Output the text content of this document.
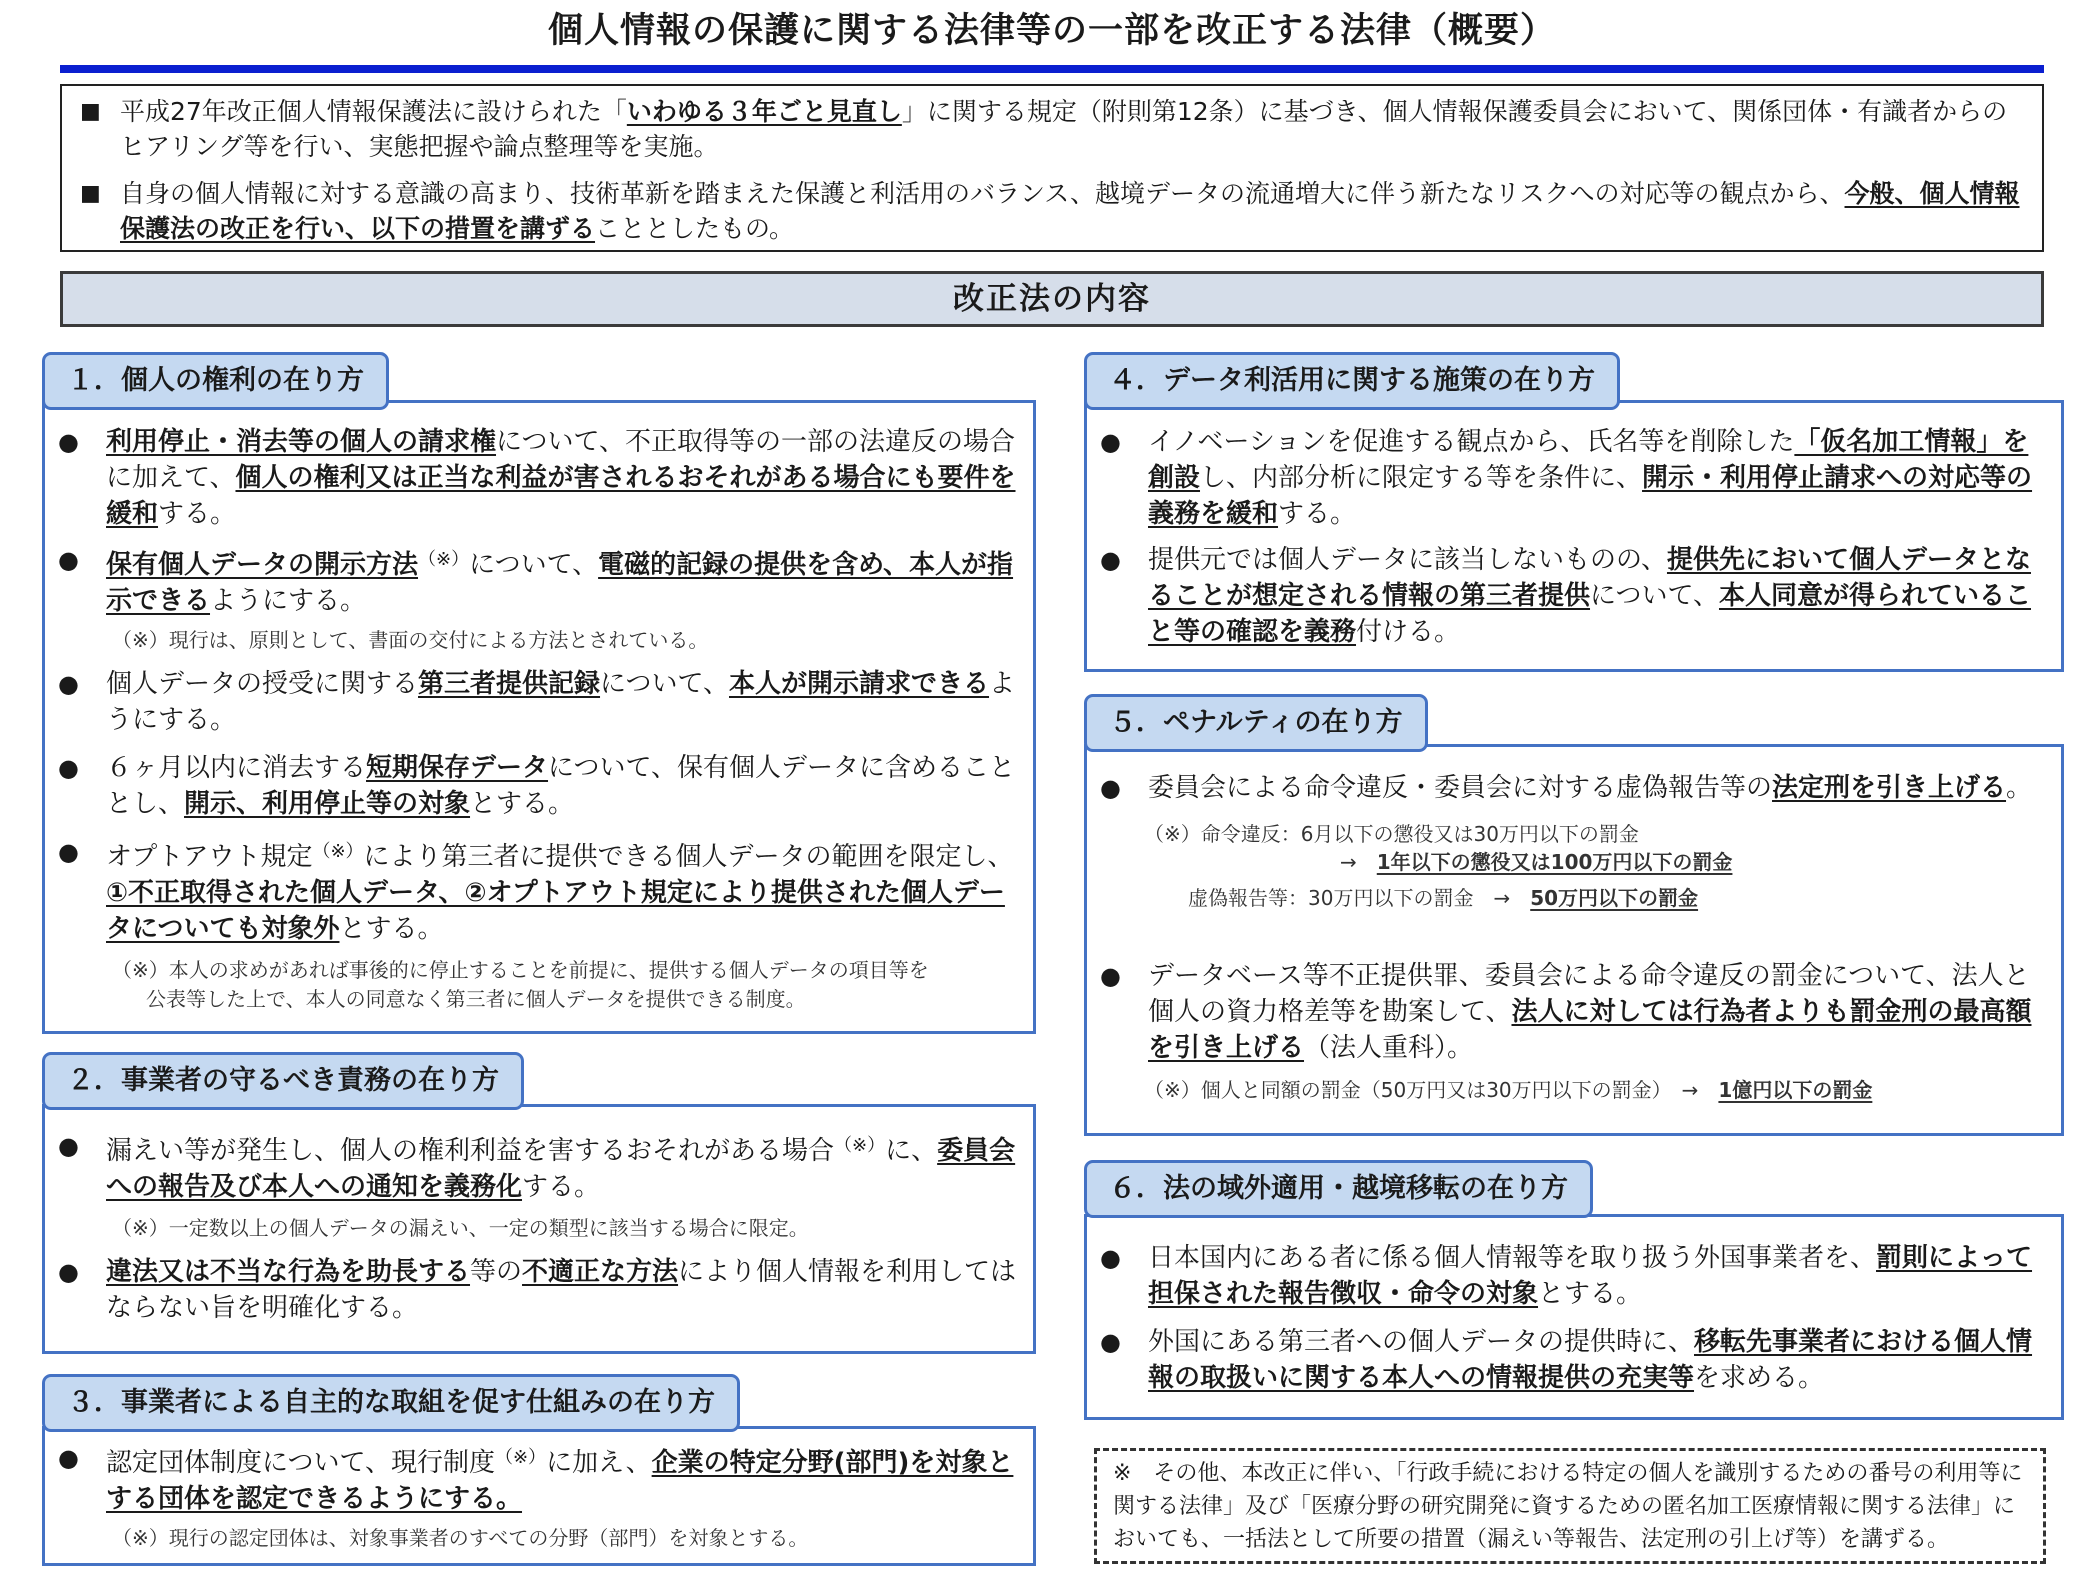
個人情報の保護に関する法律等の一部を改正する法律（概要）
■ 平成27年改正個人情報保護法に設けられた「いわゆる３年ごと見直し」に関する規定（附則第12条）に基づき、個人情報保護委員会において、関係団体・有識者からのヒアリング等を行い、実態把握や論点整理等を実施。
■ 自身の個人情報に対する意識の高まり、技術革新を踏まえた保護と利活用のバランス、越境データの流通増大に伴う新たなリスクへの対応等の観点から、今般、個人情報保護法の改正を行い、以下の措置を講ずることとしたもの。
改正法の内容
１．個人の権利の在り方
● 利用停止・消去等の個人の請求権について、不正取得等の一部の法違反の場合に加えて、個人の権利又は正当な利益が害されるおそれがある場合にも要件を緩和する。
● 保有個人データの開示方法（※）について、電磁的記録の提供を含め、本人が指示できるようにする。
（※）現行は、原則として、書面の交付による方法とされている。
● 個人データの授受に関する第三者提供記録について、本人が開示請求できるようにする。
● ６ヶ月以内に消去する短期保存データについて、保有個人データに含めることとし、開示、利用停止等の対象とする。
● オプトアウト規定（※）により第三者に提供できる個人データの範囲を限定し、①不正取得された個人データ、②オプトアウト規定により提供された個人データについても対象外とする。
（※）本人の求めがあれば事後的に停止することを前提に、提供する個人データの項目等を
公表等した上で、本人の同意なく第三者に個人データを提供できる制度。
２．事業者の守るべき責務の在り方
● 漏えい等が発生し、個人の権利利益を害するおそれがある場合（※）に、委員会への報告及び本人への通知を義務化する。
（※）一定数以上の個人データの漏えい、一定の類型に該当する場合に限定。
● 違法又は不当な行為を助長する等の不適正な方法により個人情報を利用してはならない旨を明確化する。
３．事業者による自主的な取組を促す仕組みの在り方
● 認定団体制度について、現行制度（※）に加え、企業の特定分野(部門)を対象とする団体を認定できるようにする。
（※）現行の認定団体は、対象事業者のすべての分野（部門）を対象とする。
４．データ利活用に関する施策の在り方
● イノベーションを促進する観点から、氏名等を削除した「仮名加工情報」を創設し、内部分析に限定する等を条件に、開示・利用停止請求への対応等の義務を緩和する。
● 提供元では個人データに該当しないものの、提供先において個人データとなることが想定される情報の第三者提供について、本人同意が得られていること等の確認を義務付ける。
５．ペナルティの在り方
● 委員会による命令違反・委員会に対する虚偽報告等の法定刑を引き上げる。
（※）命令違反：6月以下の懲役又は30万円以下の罰金
→　 1年以下の懲役又は100万円以下の罰金
虚偽報告等：30万円以下の罰金　→　 50万円以下の罰金
● データベース等不正提供罪、委員会による命令違反の罰金について、法人と個人の資力格差等を勘案して、法人に対しては行為者よりも罰金刑の最高額を引き上げる（法人重科）。
（※）個人と同額の罰金（50万円又は30万円以下の罰金）　→　 1億円以下の罰金
６．法の域外適用・越境移転の在り方
● 日本国内にある者に係る個人情報等を取り扱う外国事業者を、罰則によって担保された報告徴収・命令の対象とする。
● 外国にある第三者への個人データの提供時に、移転先事業者における個人情報の取扱いに関する本人への情報提供の充実等を求める。
※　その他、本改正に伴い、「行政手続における特定の個人を識別するための番号の利用等に関する法律」及び「医療分野の研究開発に資するための匿名加工医療情報に関する法律」においても、一括法として所要の措置（漏えい等報告、法定刑の引上げ等）を講ずる。
